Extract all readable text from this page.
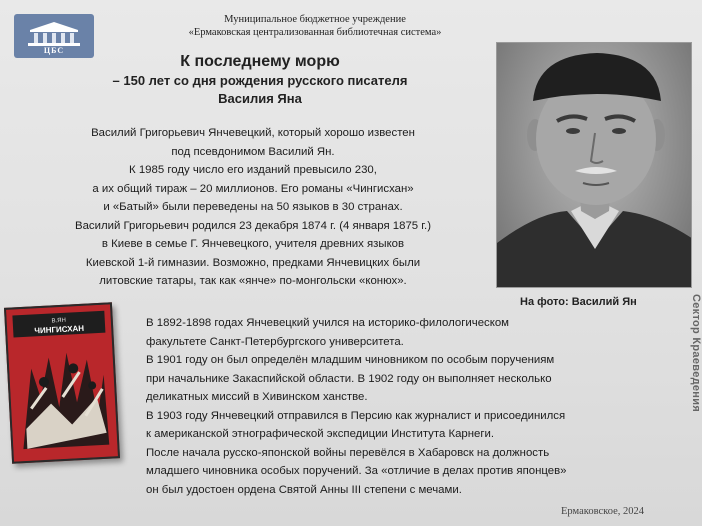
ЦБС
Муниципальное бюджетное учреждение
«Ермаковская централизованная библиотечная система»
К последнему морю
– 150 лет со дня рождения русского писателя
Василия Яна
Василий Григорьевич Янчевецкий, который хорошо известен
под псевдонимом Василий Ян.
К 1985 году число его изданий превысило 230,
а их общий тираж – 20 миллионов. Его романы «Чингисхан»
и «Батый» были переведены на 50 языков в 30 странах.
Василий Григорьевич родился 23 декабря 1874 г. (4 января 1875 г.)
в Киеве в семье Г. Янчевецкого, учителя древних языков
Киевской 1-й гимназии. Возможно, предками Янчевицких были
литовские татары, так как «янче» по-монгольски «конюх».
На фото: Василий Ян	Сектор Краеведения
В.ЯН
ЧИНГИСХАН
В 1892-1898 годах Янчевецкий учился на историко-филологическом
факультете Санкт-Петербургского университета.
В 1901 году он был определён младшим чиновником по особым поручениям
при начальнике Закаспийской области. В 1902 году он выполняет несколько
деликатных миссий в Хивинском ханстве.
В 1903 году Янчевецкий отправился в Персию как журналист и присоединился
к американской этнографической экспедиции Института Карнеги.
После начала русско-японской войны перевёлся в Хабаровск на должность
младшего чиновника особых поручений. За «отличие в делах против японцев»
он был удостоен ордена Святой Анны III степени с мечами.
Ермаковское, 2024
